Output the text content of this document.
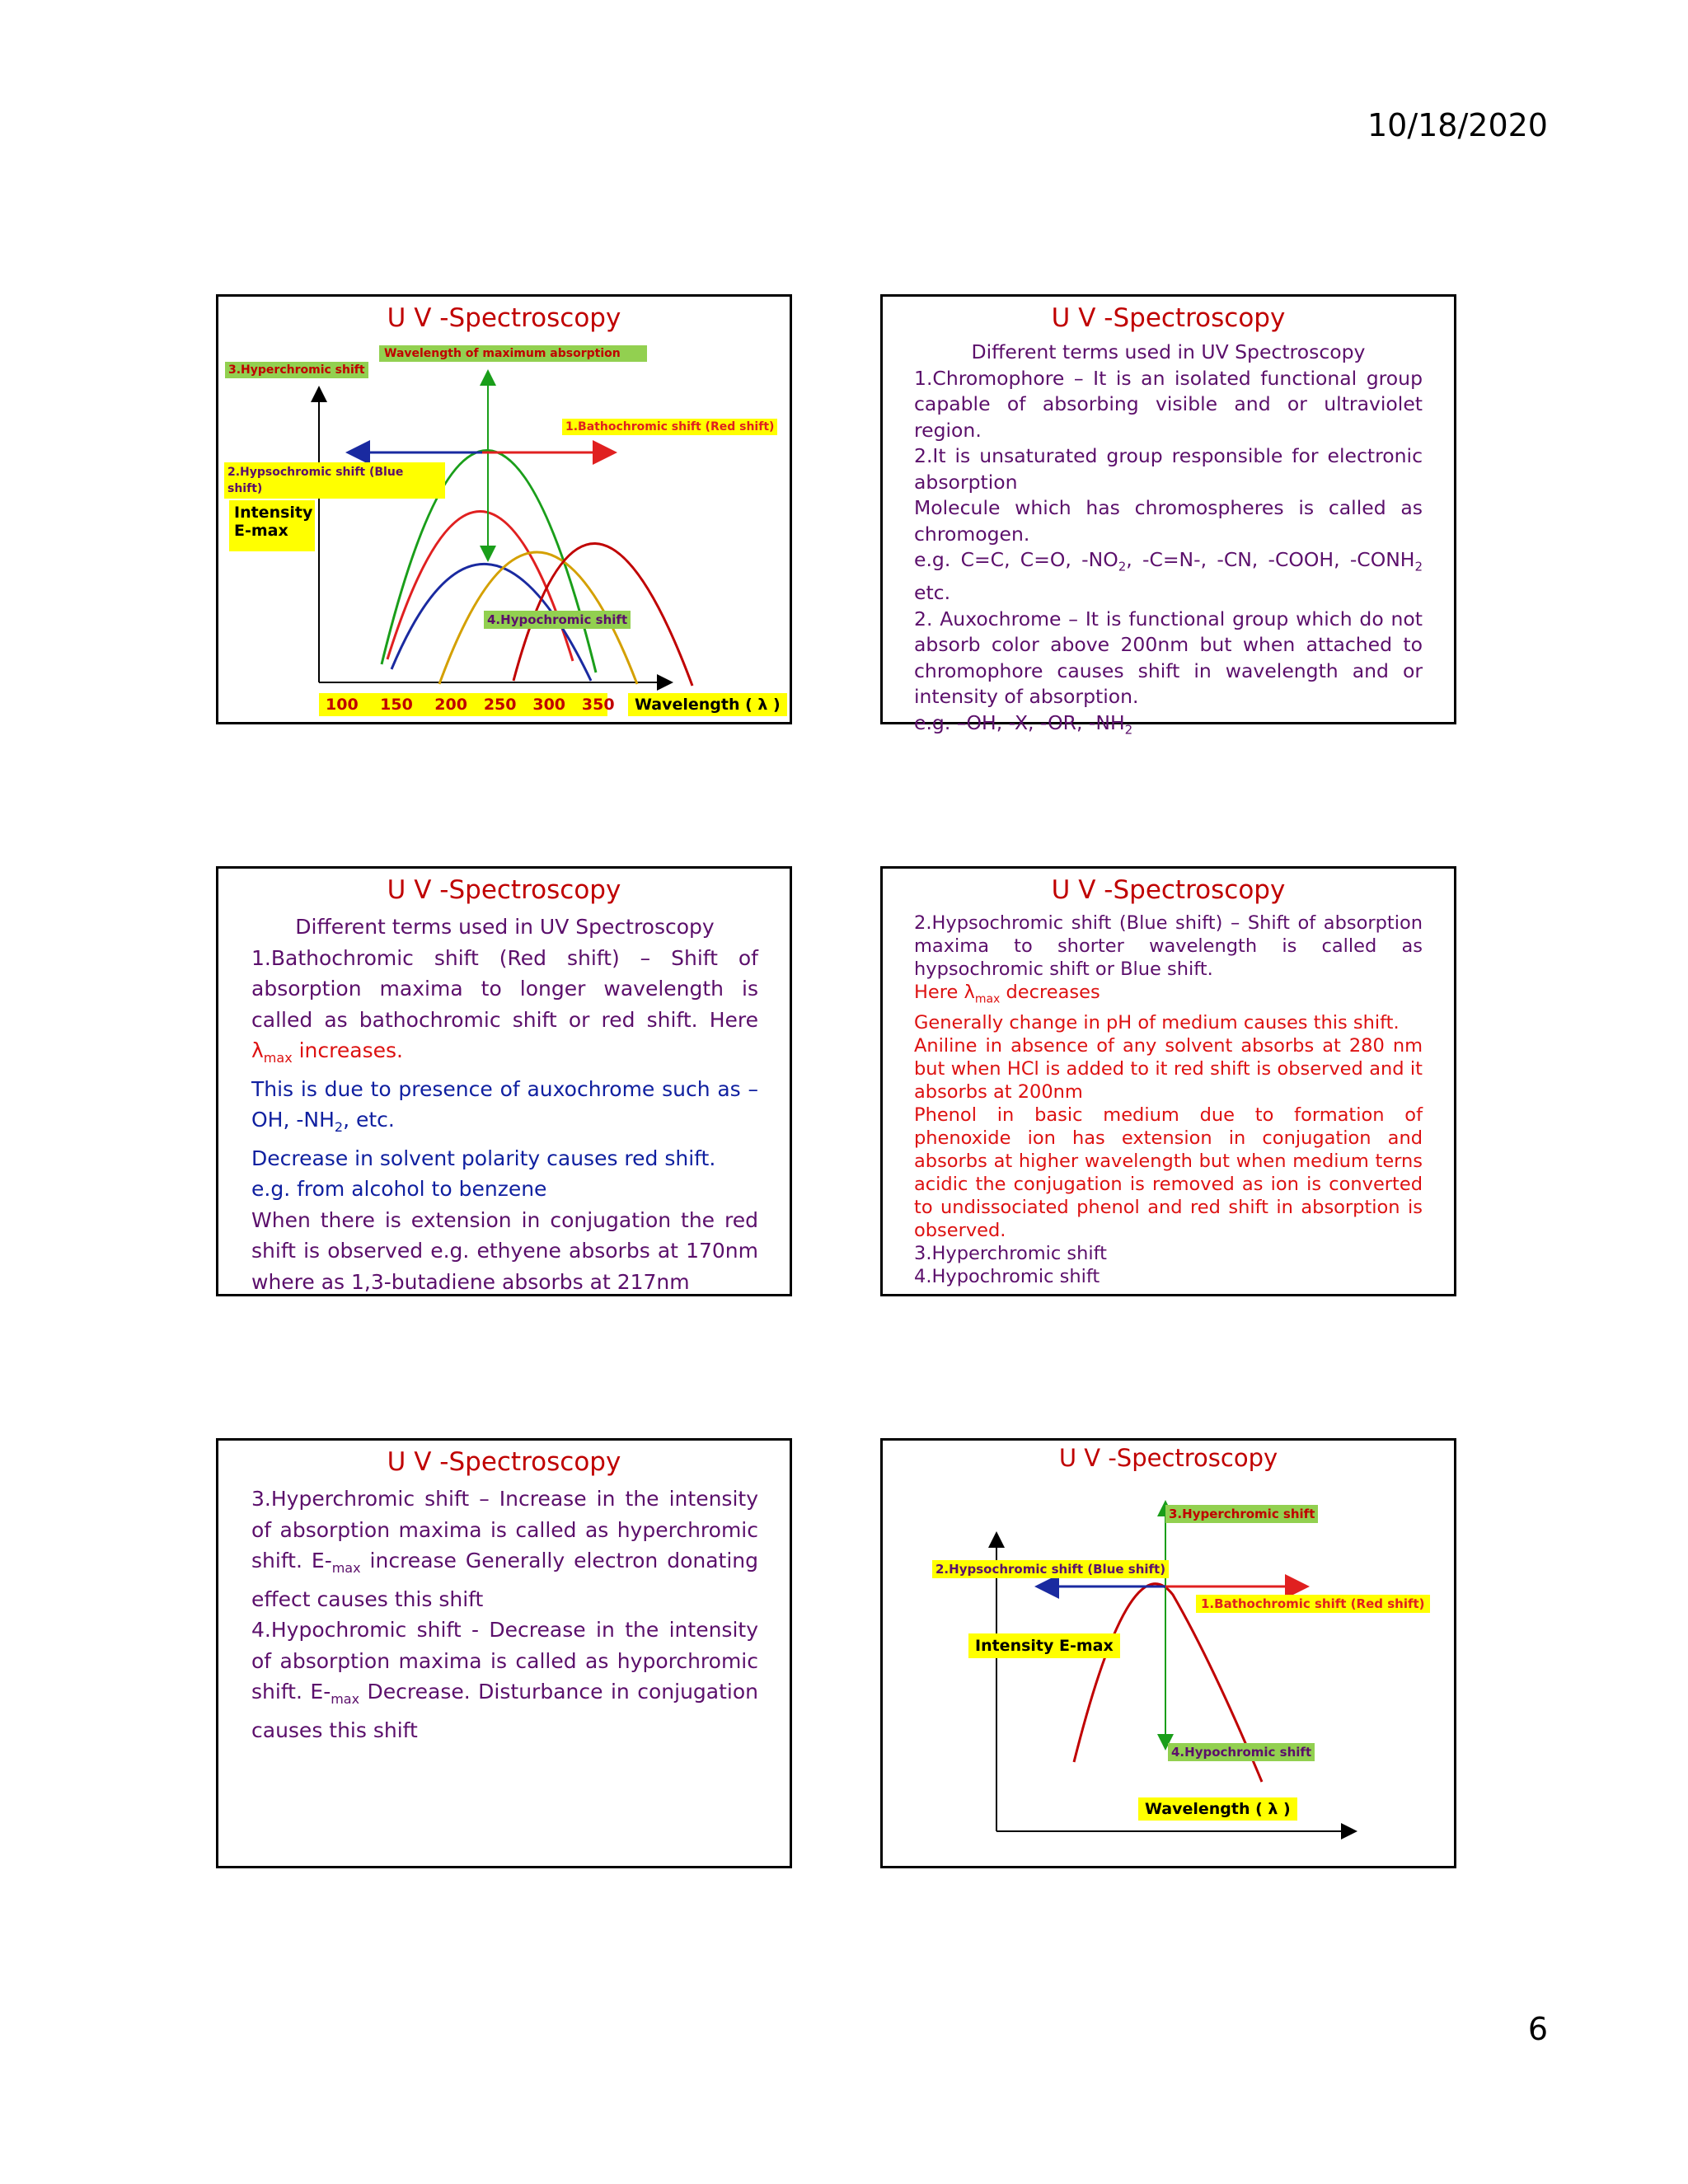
10/18/2020
U V -Spectroscopy
3.Hyperchromic shift
Wavelength of maximum absorption
1.Bathochromic shift (Red shift)
2.Hypsochromic shift (Blue shift)
Intensity
E-max
4.Hypochromic shift
100 150 200 250 300 350	Wavelength ( λ )
U V -Spectroscopy
Different terms used in UV Spectroscopy
1.Chromophore – It is an isolated functional group capable of absorbing visible and or ultraviolet region.
2.It is unsaturated group responsible for electronic absorption
Molecule which has chromospheres is called as chromogen.
e.g. C=C, C=O, $-NO_2$, -C=N-, -CN, -COOH, $-CONH_2$ etc.
2. Auxochrome – It is functional group which do not absorb color above 200nm but when attached to chromophore causes shift in wavelength and or intensity of absorption.
e.g. –OH, -X, -OR, $-NH_2$
U V -Spectroscopy
Different terms used in UV Spectroscopy
1.Bathochromic shift (Red shift) – Shift of absorption maxima to longer wavelength is called as bathochromic shift or red shift. Here $\lambda_{max}$ increases.
This is due to presence of auxochrome such as –OH, $-NH_2$, etc.
Decrease in solvent polarity causes red shift.
e.g. from alcohol to benzene
When there is extension in conjugation the red shift is observed e.g. ethyene absorbs at 170nm where as 1,3-butadiene absorbs at 217nm
U V -Spectroscopy
2.Hypsochromic shift (Blue shift) – Shift of absorption maxima to shorter wavelength is called as hypsochromic shift or Blue shift.
Here $\lambda_{max}$ decreases
Generally change in pH of medium causes this shift.
Aniline in absence of any solvent absorbs at 280 nm but when HCl is added to it red shift is observed and it absorbs at 200nm
Phenol in basic medium due to formation of phenoxide ion has extension in conjugation and absorbs at higher wavelength but when medium terns acidic the conjugation is removed as ion is converted to undissociated phenol and red shift in absorption is observed.
3.Hyperchromic shift
4.Hypochromic shift
U V -Spectroscopy
3.Hyperchromic shift – Increase in the intensity of absorption maxima is called as hyperchromic shift. $E-_{max}$ increase Generally electron donating effect causes this shift
4.Hypochromic shift - Decrease in the intensity of absorption maxima is called as hyporchromic shift. $E-_{max}$ Decrease. Disturbance in conjugation causes this shift
U V -Spectroscopy
3.Hyperchromic shift
2.Hypsochromic shift (Blue shift)
1.Bathochromic shift (Red shift)
Intensity E-max
4.Hypochromic shift
Wavelength ( λ )
6
